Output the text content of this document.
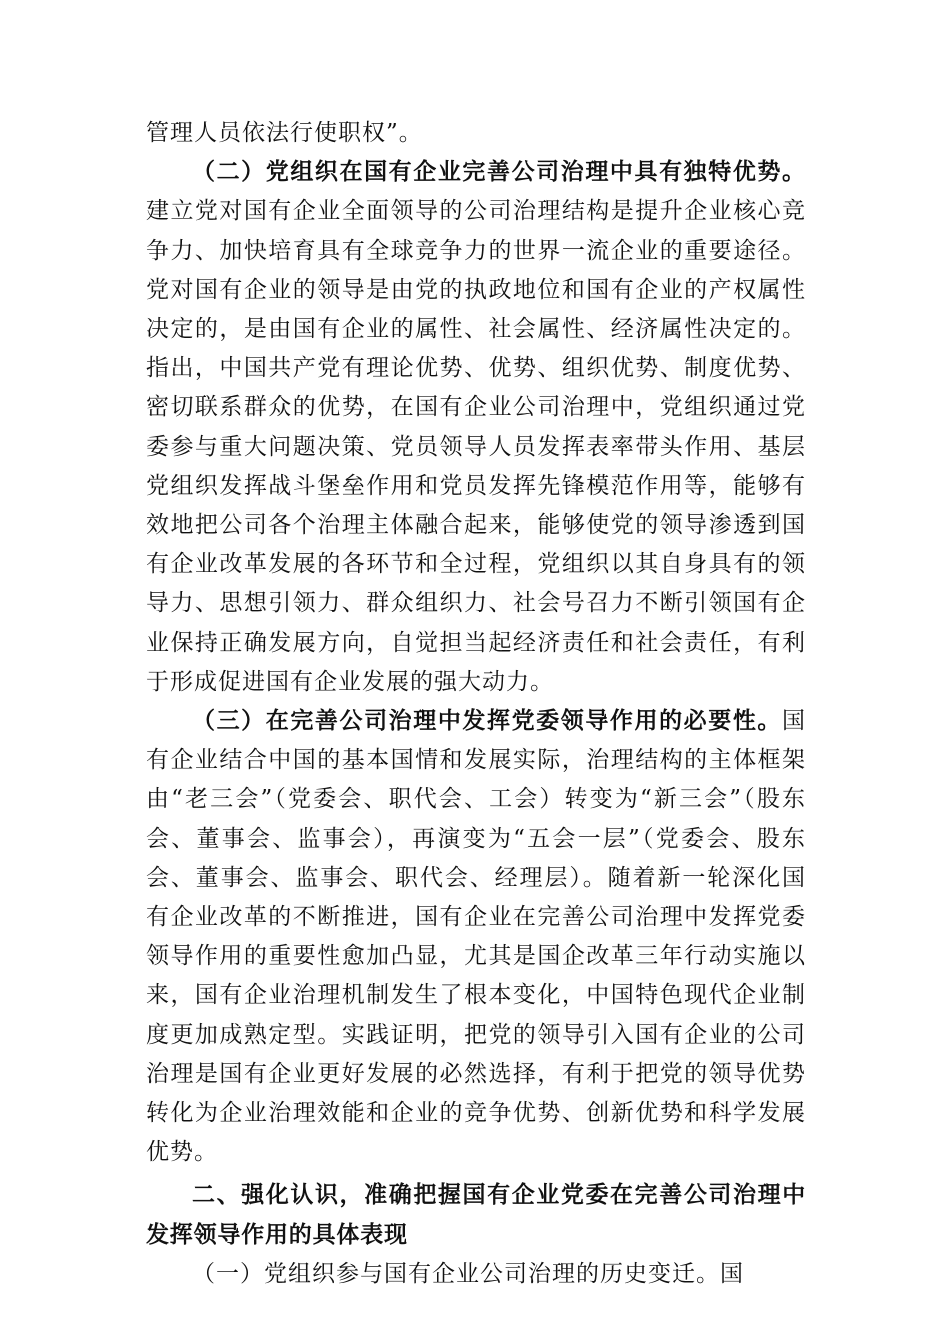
管理人员依法行使职权”。

（二）党组织在国有企业完善公司治理中具有独特优势。建立党对国有企业全面领导的公司治理结构是提升企业核心竞争力、加快培育具有全球竞争力的世界一流企业的重要途径。党对国有企业的领导是由党的执政地位和国有企业的产权属性决定的，是由国有企业的属性、社会属性、经济属性决定的。指出，中国共产党有理论优势、优势、组织优势、制度优势、密切联系群众的优势，在国有企业公司治理中，党组织通过党委参与重大问题决策、党员领导人员发挥表率带头作用、基层党组织发挥战斗堡垒作用和党员发挥先锋模范作用等，能够有效地把公司各个治理主体融合起来，能够使党的领导渗透到国有企业改革发展的各环节和全过程，党组织以其自身具有的领导力、思想引领力、群众组织力、社会号召力不断引领国有企业保持正确发展方向，自觉担当起经济责任和社会责任，有利于形成促进国有企业发展的强大动力。

（三）在完善公司治理中发挥党委领导作用的必要性。国有企业结合中国的基本国情和发展实际，治理结构的主体框架由“老三会”（党委会、职代会、工会）转变为“新三会”（股东会、董事会、监事会），再演变为“五会一层”（党委会、股东会、董事会、监事会、职代会、经理层）。随着新一轮深化国有企业改革的不断推进，国有企业在完善公司治理中发挥党委领导作用的重要性愈加凸显，尤其是国企改革三年行动实施以来，国有企业治理机制发生了根本变化，中国特色现代企业制度更加成熟定型。实践证明，把党的领导引入国有企业的公司治理是国有企业更好发展的必然选择，有利于把党的领导优势转化为企业治理效能和企业的竞争优势、创新优势和科学发展优势。

二、强化认识，准确把握国有企业党委在完善公司治理中发挥领导作用的具体表现

（一）党组织参与国有企业公司治理的历史变迁。国
